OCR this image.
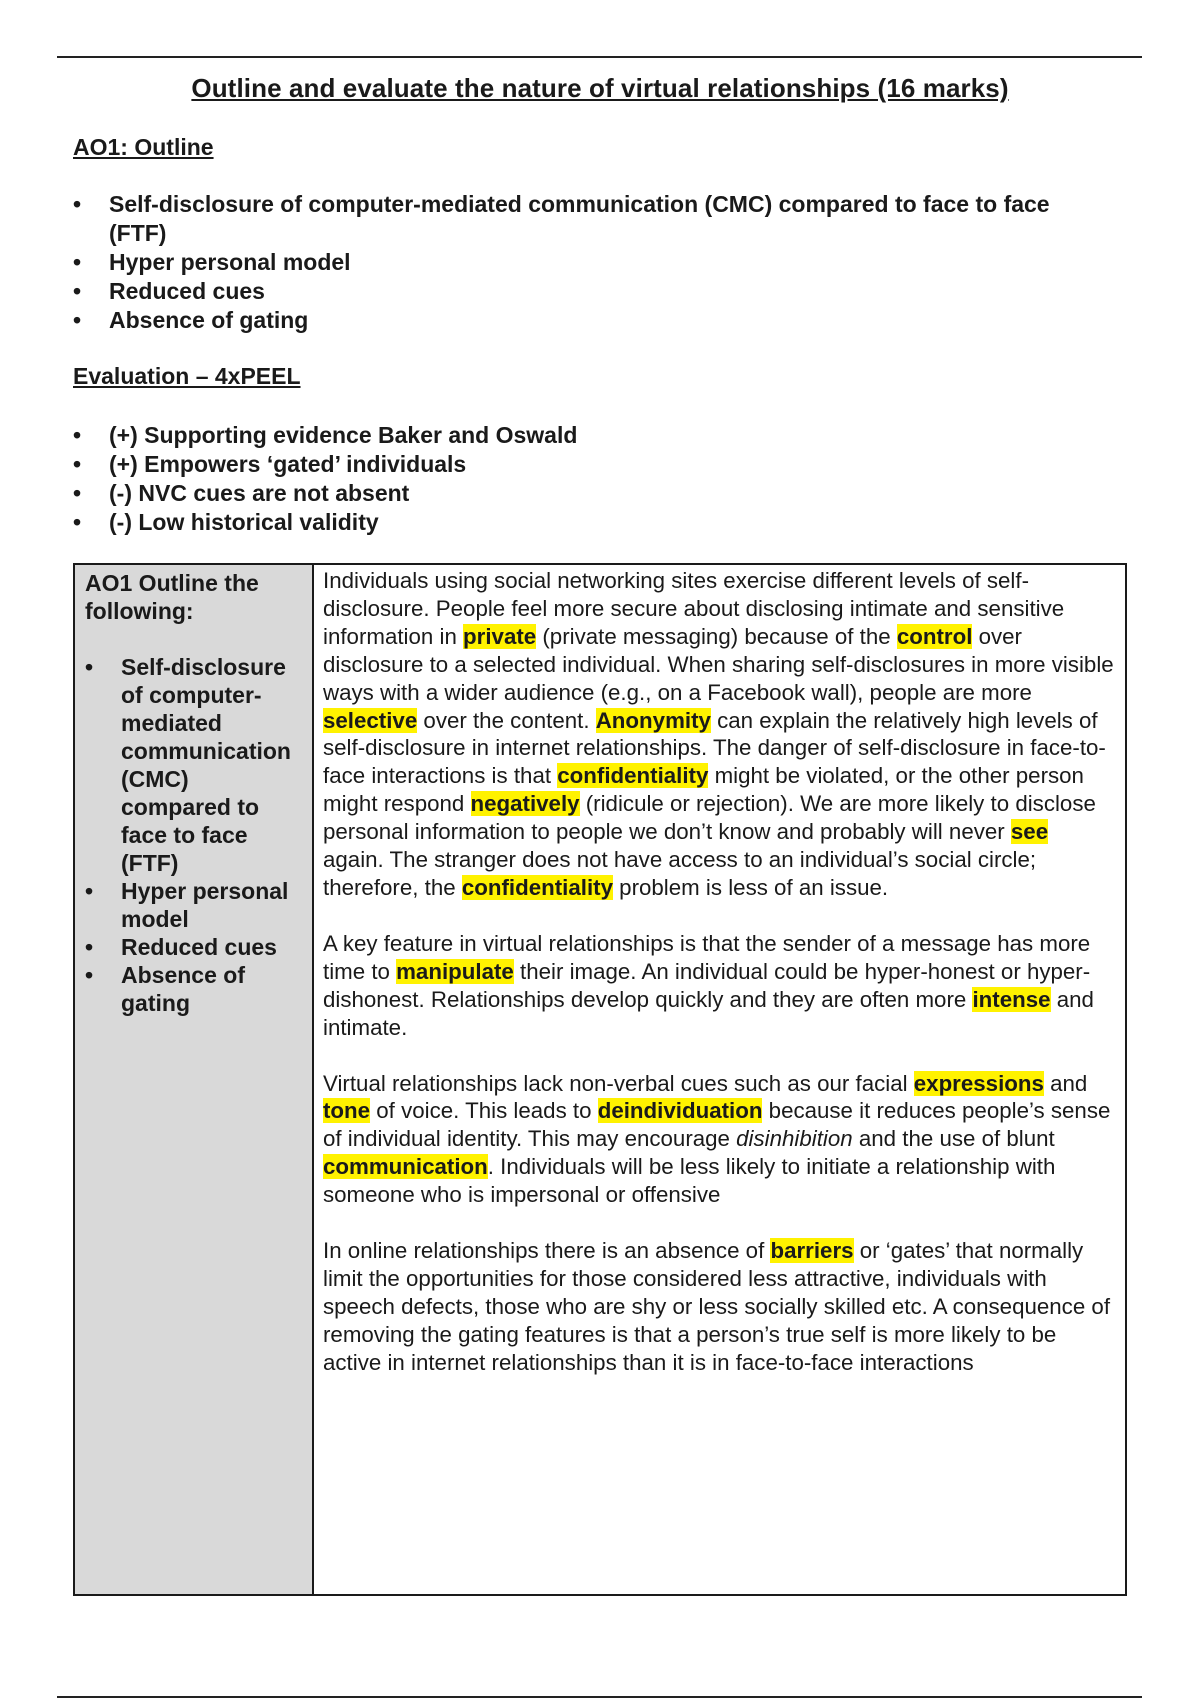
Outline and evaluate the nature of virtual relationships (16 marks)
AO1: Outline
• Self-disclosure of computer-mediated communication (CMC) compared to face to face (FTF)
• Hyper personal model
• Reduced cues
• Absence of gating
Evaluation – 4xPEEL
• (+) Supporting evidence Baker and Oswald
• (+) Empowers ‘gated’ individuals
• (-) NVC cues are not absent
• (-) Low historical validity
AO1 Outline the following:
• Self-disclosure of computer-mediated communication (CMC) compared to face to face (FTF)
• Hyper personal model
• Reduced cues
• Absence of gating

Individuals using social networking sites exercise different levels of self-disclosure. People feel more secure about disclosing intimate and sensitive information in private (private messaging) because of the control over disclosure to a selected individual. When sharing self-disclosures in more visible ways with a wider audience (e.g., on a Facebook wall), people are more selective over the content. Anonymity can explain the relatively high levels of self-disclosure in internet relationships. The danger of self-disclosure in face-to-face interactions is that confidentiality might be violated, or the other person might respond negatively (ridicule or rejection). We are more likely to disclose personal information to people we don’t know and probably will never see again. The stranger does not have access to an individual’s social circle; therefore, the confidentiality problem is less of an issue.

A key feature in virtual relationships is that the sender of a message has more time to manipulate their image. An individual could be hyper-honest or hyper-dishonest. Relationships develop quickly and they are often more intense and intimate.

Virtual relationships lack non-verbal cues such as our facial expressions and tone of voice. This leads to deindividuation because it reduces people’s sense of individual identity. This may encourage disinhibition and the use of blunt communication. Individuals will be less likely to initiate a relationship with someone who is impersonal or offensive

In online relationships there is an absence of barriers or ‘gates’ that normally limit the opportunities for those considered less attractive, individuals with speech defects, those who are shy or less socially skilled etc. A consequence of removing the gating features is that a person’s true self is more likely to be active in internet relationships than it is in face-to-face interactions
